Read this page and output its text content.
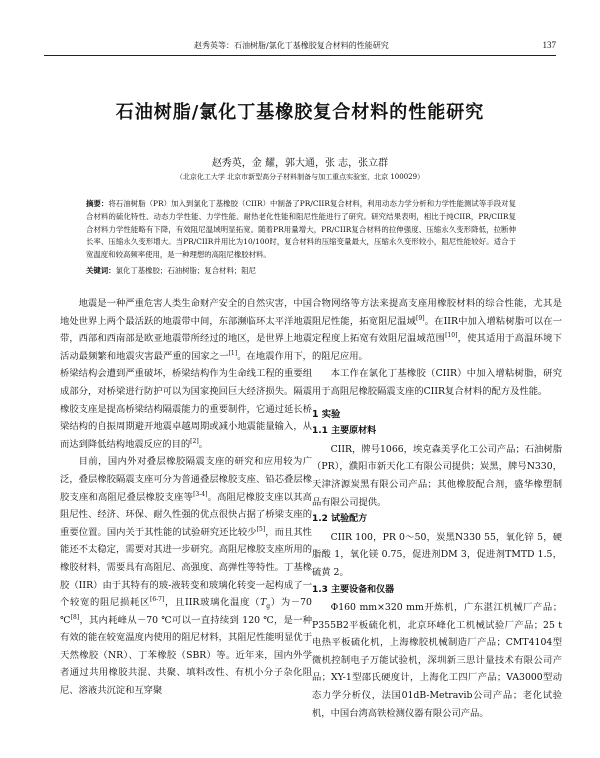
赵秀英等：石油树脂/氯化丁基橡胶复合材料的性能研究	137
石油树脂/氯化丁基橡胶复合材料的性能研究
赵秀英，金 耀，郭大通，张 志，张立群
（北京化工大学 北京市新型高分子材料制备与加工重点实验室，北京 100029）
摘要：将石油树脂（PR）加入到氯化丁基橡胶（CIIR）中制备了PR/CIIR复合材料，利用动态力学分析和力学性能测试等手段对复合材料的硫化特性、动态力学性能、力学性能、耐热老化性能和阻尼性能进行了研究。研究结果表明，相比于纯CIIR，PR/CIIR复合材料力学性能略有下降，有效阻尼温域明显拓宽。随着PR用量增大，PR/CIIR复合材料的拉伸强度、压缩永久变形降低，拉断伸长率、压缩永久变形增大。当PR/CIIR并用比为10/100时，复合材料的压缩变量最大，压缩永久变形较小，阻尼性能较好。适合于宽温度和较高频率使用，是一种理想的高阻尼橡胶材料。
关键词：氯化丁基橡胶；石油树脂；复合材料；阻尼

地震是一种严重危害人类生命财产安全的自然灾害，中国地处世界上两个最活跃的地震带中间，东部濒临环太平洋地震带，西部和西南部是欧亚地震带所经过的地区，是世界上地震活动最频繁和地震灾害最严重的国家之一[1]。在地震作用下，桥梁结构会遭到严重破坏，桥梁结构作为生命线工程的重要组成部分，对桥梁进行防护可以为国家挽回巨大经济损失。隔震橡胶支座是提高桥梁结构隔震能力的重要制件，它通过延长桥梁结构的自振周期避开地震卓越周期或减小地震能量输入，从而达到降低结构地震反应的目的[2]。

目前，国内外对叠层橡胶隔震支座的研究和应用较为广泛，叠层橡胶隔震支座可分为普通叠层橡胶支座、铅芯叠层橡胶支座和高阻尼叠层橡胶支座等[3-4]。高阻尼橡胶支座以其高阻尼性、经济、环保、耐久性强的优点很快占据了桥梁支座的重要位置。国内关于其性能的试验研究还比较少[5]，而且其性能还不太稳定，需要对其进一步研究。高阻尼橡胶支座所用的橡胶材料，需要具有高阻尼、高强度、高弹性等特性。丁基橡胶（IIR）由于其特有的玻-液转变和玻璃化转变一起构成了一个较宽的阻尼损耗区[6-7]，且IIR玻璃化温度$(T_g)$为－70 ℃[8]，其内耗峰从－70 ℃可以一直持续到 120 ℃，是一种有效的能在较宽温度内使用的阻尼材料，其阻尼性能明显优于天然橡胶（NR）、丁苯橡胶（SBR）等。近年来，国内外学者通过共用橡胶共混、共聚、填料改性、有机小分子杂化阻尼、溶液共沉淀和互穿聚

合物网络等方法来提高支座用橡胶材料的综合性能，尤其是阻尼性能，拓宽阻尼温域[9]。在IIR中加入增粘树脂可以在一定程度上拓宽有效阻尼温域范围[10]，使其适用于高温环境下的阻尼应用。

本工作在氯化丁基橡胶（CIIR）中加入增粘树脂，研究用于高阻尼橡胶隔震支座的CIIR复合材料的配方及性能。

1 实验
1.1 主要原材料

CIIR，牌号1066，埃克森美孚化工公司产品；石油树脂（PR），濮阳市新天化工有限公司提供；炭黑，牌号N330，天津济源炭黑有限公司产品；其他橡胶配合剂，盛华橡塑制品有限公司提供。

1.2 试验配方

CIIR 100，PR 0～50，炭黑N330 55，氧化锌 5，硬脂酸 1，氧化镁 0.75，促进剂DM 3，促进剂TMTD 1.5，硫黄 2。

1.3 主要设备和仪器

Φ160 mm×320 mm开炼机，广东湛江机械厂产品；P355B2平板硫化机，北京环峰化工机械试验厂产品；25 t电热平板硫化机，上海橡胶机械制造厂产品；CMT4104型微机控制电子万能试验机，深圳新三思计量技术有限公司产品；XY-1型邵氏硬度计，上海化工四厂产品；VA3000型动态力学分析仪，法国01dB-Metravib公司产品；老化试验机，中国台湾高铁检测仪器有限公司产品。
